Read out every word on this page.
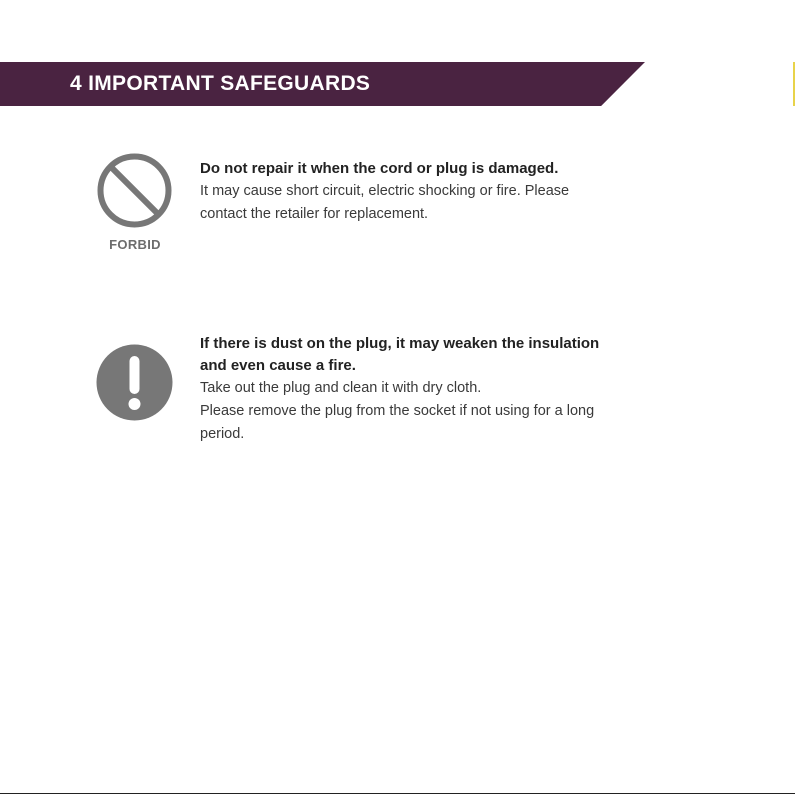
4 IMPORTANT SAFEGUARDS
FORBID
Do not repair it when the cord or plug is damaged.
It may cause short circuit, electric shocking or fire. Please
contact the retailer for replacement.
If there is dust on the plug, it may weaken the insulation
and even cause a fire.
Take out the plug and clean it with dry cloth.
Please remove the plug from the socket if not using for a long
period.
